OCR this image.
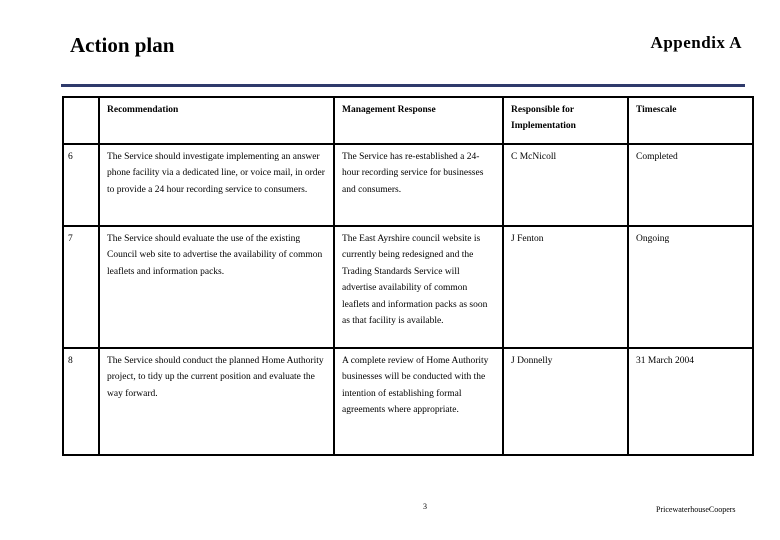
Action plan	Appendix A
	Recommendation	Management Response	Responsible for Implementation	Timescale
6	The Service should investigate implementing an answer phone facility via a dedicated line, or voice mail, in order to provide a 24 hour recording service to consumers.	The Service has re-established a 24-hour recording service for businesses and consumers.	C McNicoll	Completed
7	The Service should evaluate the use of the existing Council web site to advertise the availability of common leaflets and information packs.	The East Ayrshire council website is currently being redesigned and the Trading Standards Service will advertise availability of common leaflets and information packs as soon as that facility is available.	J Fenton	Ongoing
8	The Service should conduct the planned Home Authority project, to tidy up the current position and evaluate the way forward.	A complete review of Home Authority businesses will be conducted with the intention of establishing formal agreements where appropriate.	J Donnelly	31 March 2004
3	PricewaterhouseCoopers
